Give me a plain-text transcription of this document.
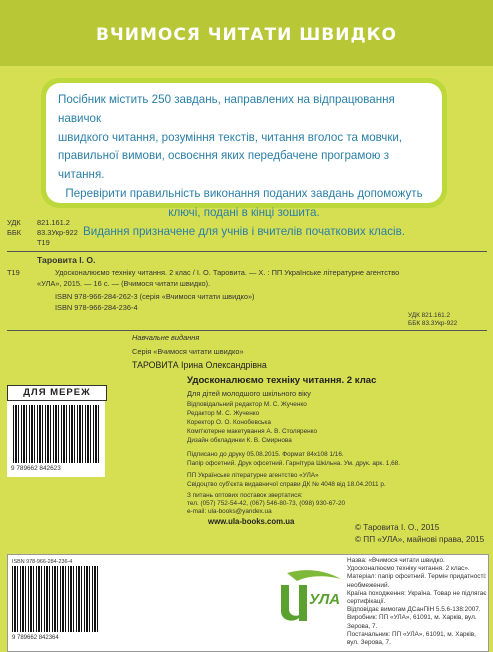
ВЧИМОСЯ ЧИТАТИ ШВИДКО
Посібник містить 250 завдань, направлених на відпрацювання навичок
швидкого читання, розуміння текстів, читання вголос та мовчки,
правильної вимови, освоєння яких передбачене програмою з читання.
Перевірити правильність виконання поданих завдань допоможуть
ключі, подані в кінці зошита.
Видання призначене для учнів і вчителів початкових класів.
УДК 821.161.2
ББК 83.3Укр-922
Т19
Таровита І. О.
Т19	Удосконалюємо техніку читання. 2 клас / І. О. Таровита. — Х. : ПП Українське літературне агентство
«УЛА», 2015. — 16 с. — (Вчимося читати швидко).
ISBN 978-966-284-262-3 (серія «Вчимося читати швидко»)
ISBN 978-966-284-236-4
УДК 821.161.2
ББК 83.3Укр-922
Навчальне видання
Серія «Вчимося читати швидко»
ТАРОВИТА Ірина Олександрівна
Удосконалюємо техніку читання. 2 клас
Для дітей молодшого шкільного віку
Відповідальний редактор М. С. Жученко
Редактор М. С. Жученко
Коректор О. О. Конобевська
Комп'ютерне макетування А. В. Столяренко
Дизайн обкладинки К. В. Смирнова
Підписано до друку 05.08.2015. Формат 84х108 1/16.
Папір офсетний. Друк офсетний. Гарнітура Шкільна. Ум. друк. арк. 1,68.
ПП Українське літературне агентство «УЛА»
Свідоцтво суб'єкта видавничої справи ДК № 4048 від 18.04.2011 р.
З питань оптових поставок звертатися:
тел. (057) 752-54-42, (067) 546-80-73, (098) 930-67-20
e-mail: ula-books@yandex.ua
www.ula-books.com.ua
ДЛЯ МЕРЕЖ
9 789662 842623
© Таровита І. О., 2015
© ПП «УЛА», майнові права, 2015
ISBN 978-966-284-236-4
9 789662 842364
УЛА
Назва: «Вчимося читати швидко. Удосконалюємо техніку читання. 2 клас».
Матеріал: папір офсетний. Термін придатності: необмежений.
Країна походження: Україна. Товар не підлягає сертифікації.
Відповідає вимогам ДСанПіН 5.5.6-138:2007.
Виробник: ПП «УЛА», 61091, м. Харків, вул. Зерова, 7.
Постачальник: ПП «УЛА», 61091, м. Харків, вул. Зерова, 7.
